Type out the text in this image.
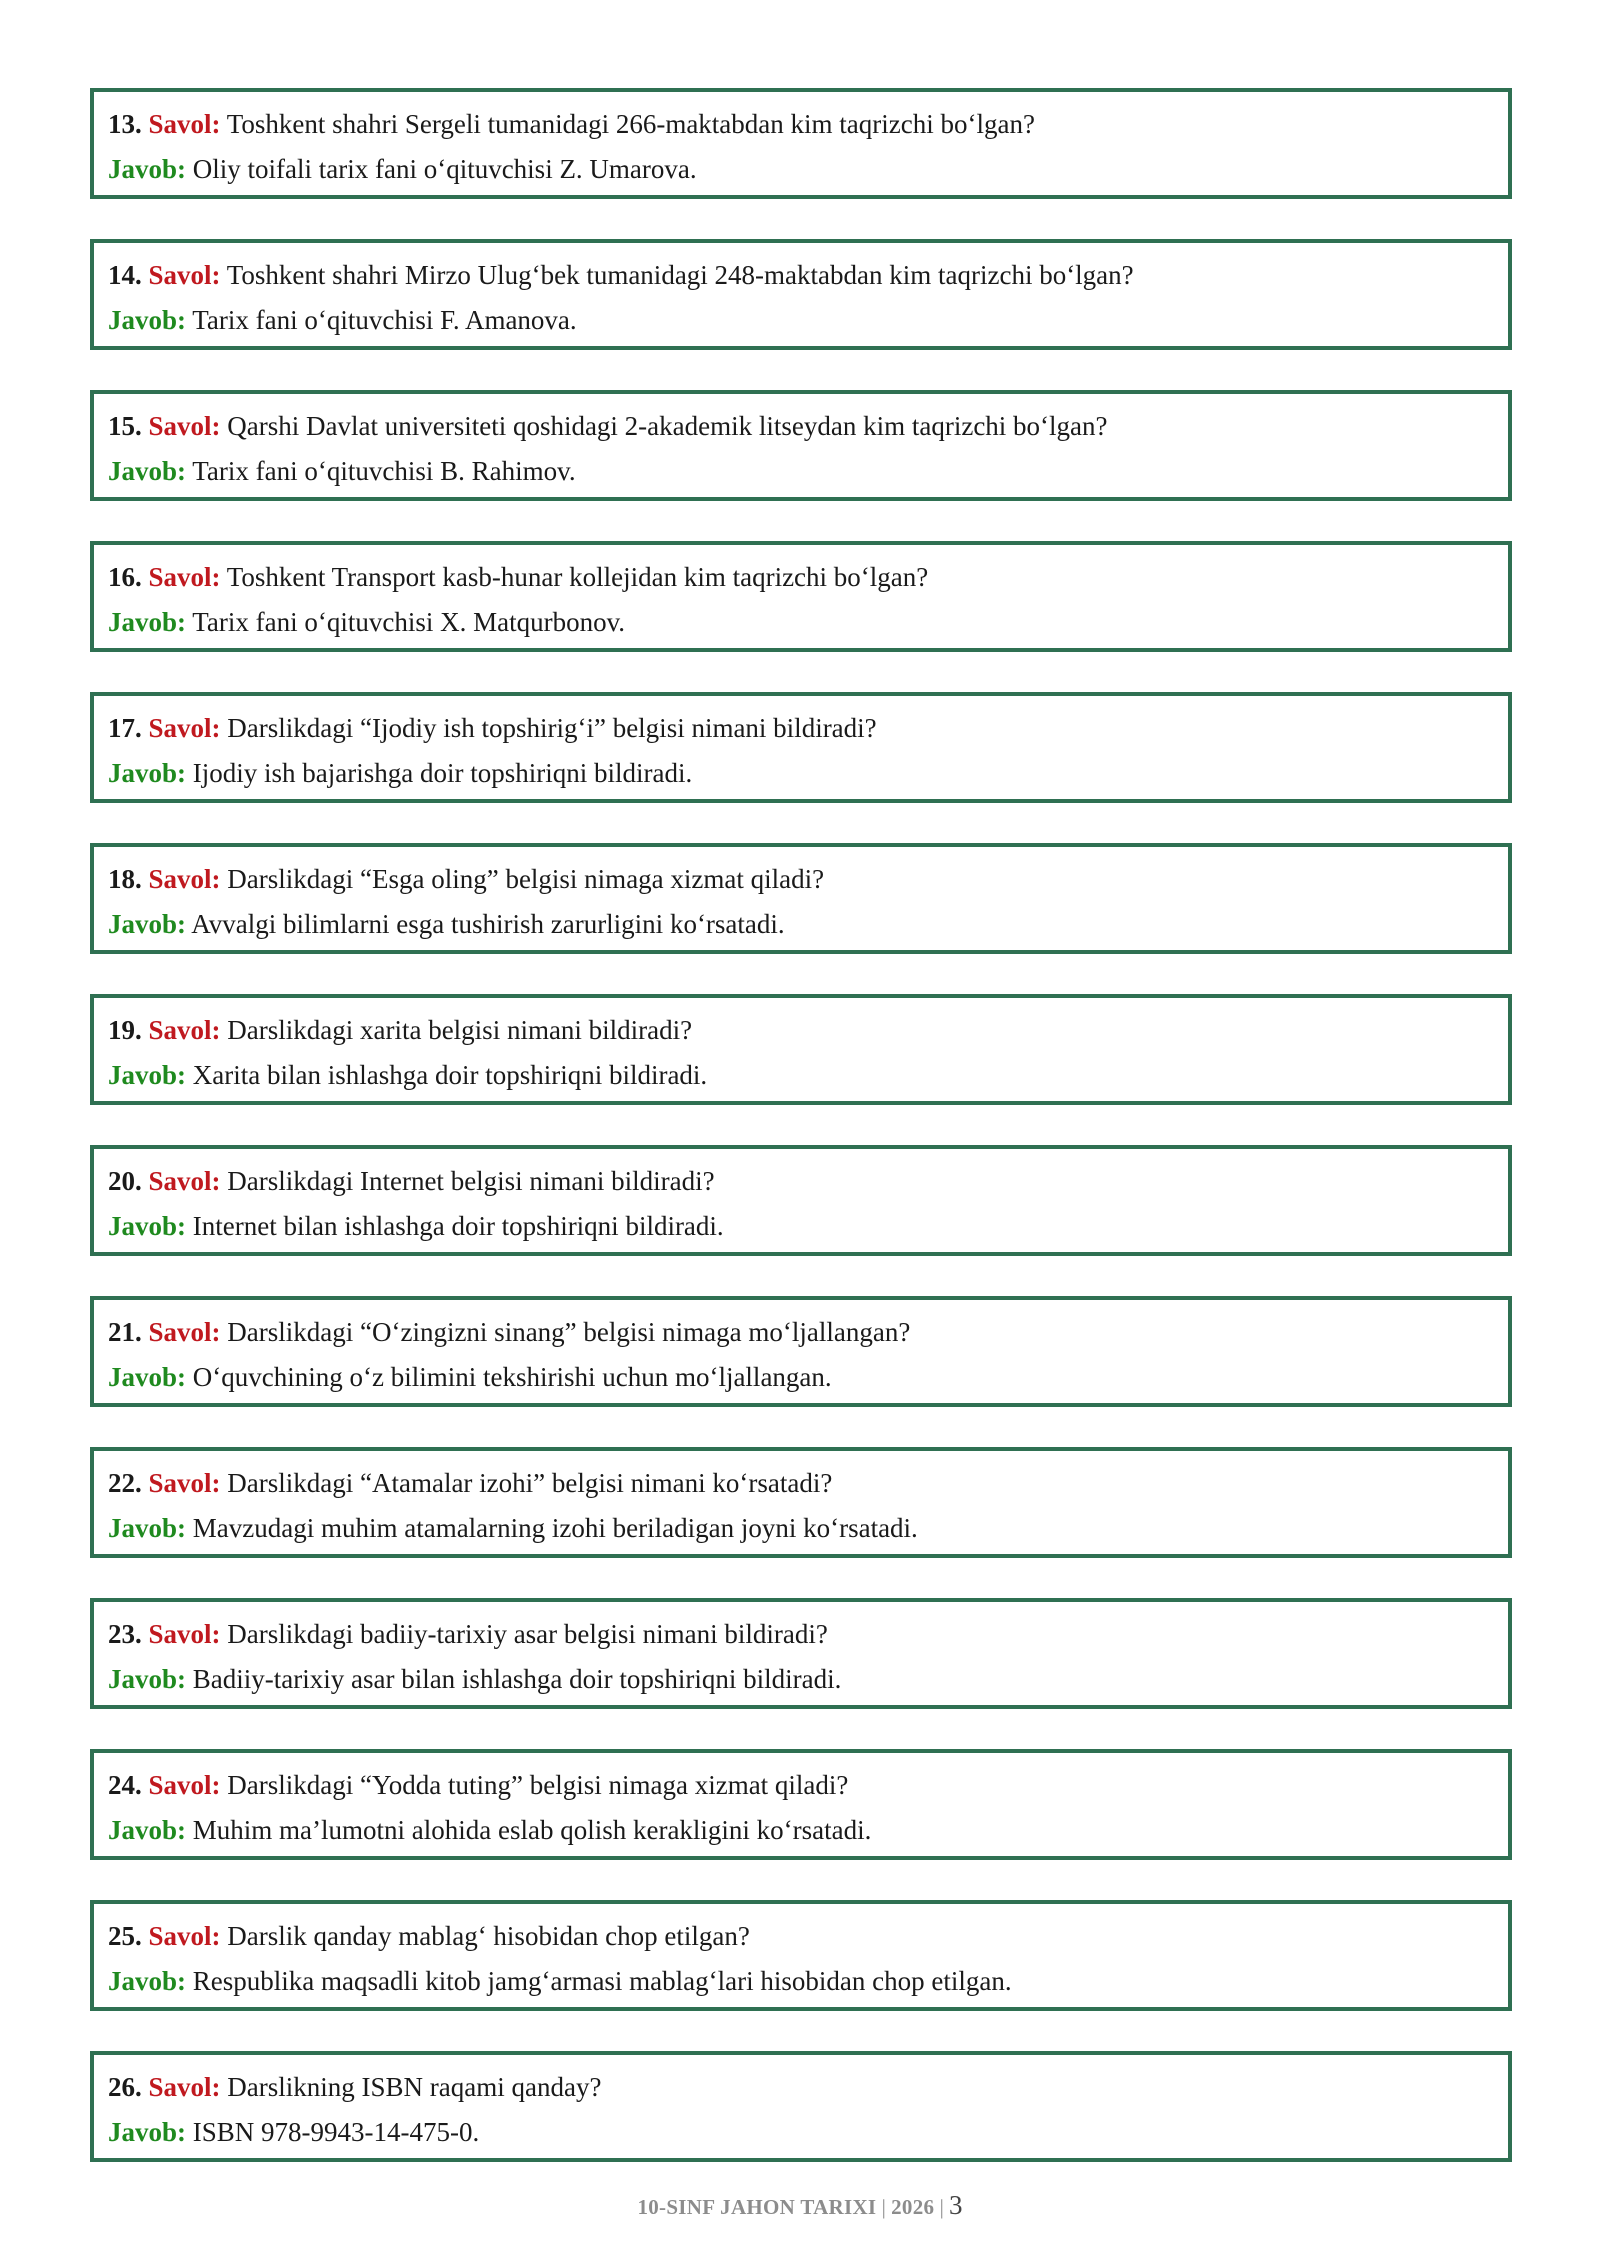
13. Savol: Toshkent shahri Sergeli tumanidagi 266-maktabdan kim taqrizchi bo‘lgan?
Javob: Oliy toifali tarix fani o‘qituvchisi Z. Umarova.
14. Savol: Toshkent shahri Mirzo Ulug‘bek tumanidagi 248-maktabdan kim taqrizchi bo‘lgan?
Javob: Tarix fani o‘qituvchisi F. Amanova.
15. Savol: Qarshi Davlat universiteti qoshidagi 2-akademik litseydan kim taqrizchi bo‘lgan?
Javob: Tarix fani o‘qituvchisi B. Rahimov.
16. Savol: Toshkent Transport kasb-hunar kollejidan kim taqrizchi bo‘lgan?
Javob: Tarix fani o‘qituvchisi X. Matqurbonov.
17. Savol: Darslikdagi “Ijodiy ish topshirig‘i” belgisi nimani bildiradi?
Javob: Ijodiy ish bajarishga doir topshiriqni bildiradi.
18. Savol: Darslikdagi “Esga oling” belgisi nimaga xizmat qiladi?
Javob: Avvalgi bilimlarni esga tushirish zarurligini ko‘rsatadi.
19. Savol: Darslikdagi xarita belgisi nimani bildiradi?
Javob: Xarita bilan ishlashga doir topshiriqni bildiradi.
20. Savol: Darslikdagi Internet belgisi nimani bildiradi?
Javob: Internet bilan ishlashga doir topshiriqni bildiradi.
21. Savol: Darslikdagi “O‘zingizni sinang” belgisi nimaga mo‘ljallangan?
Javob: O‘quvchining o‘z bilimini tekshirishi uchun mo‘ljallangan.
22. Savol: Darslikdagi “Atamalar izohi” belgisi nimani ko‘rsatadi?
Javob: Mavzudagi muhim atamalarning izohi beriladigan joyni ko‘rsatadi.
23. Savol: Darslikdagi badiiy-tarixiy asar belgisi nimani bildiradi?
Javob: Badiiy-tarixiy asar bilan ishlashga doir topshiriqni bildiradi.
24. Savol: Darslikdagi “Yodda tuting” belgisi nimaga xizmat qiladi?
Javob: Muhim ma’lumotni alohida eslab qolish kerakligini ko‘rsatadi.
25. Savol: Darslik qanday mablag‘ hisobidan chop etilgan?
Javob: Respublika maqsadli kitob jamg‘armasi mablag‘lari hisobidan chop etilgan.
26. Savol: Darslikning ISBN raqami qanday?
Javob: ISBN 978-9943-14-475-0.
10-SINF JAHON TARIXI | 2026 | 3
